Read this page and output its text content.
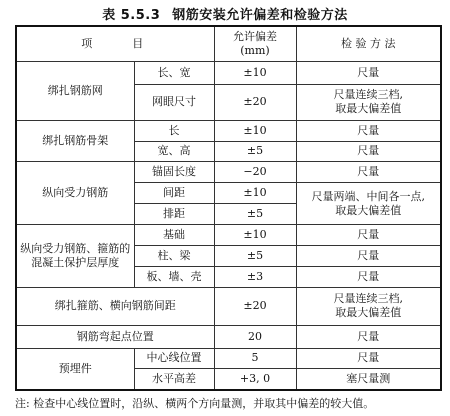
表 5.5.3 钢筋安装允许偏差和检验方法
项　　目		允许偏差
(mm)	检 验 方 法
绑扎钢筋网	长、宽	±10	尺量
	网眼尺寸	±20	尺量连续三档,
取最大偏差值

绑扎钢筋骨架	长	±10	尺量
	宽、高	±5	尺量
纵向受力钢筋	锚固长度	−20	尺量
	间距	±10	尺量两端、中间各一点,
取最大偏差值

	排距	±5	

纵向受力钢筋、箍筋的
混凝土保护层厚度	基础	±10	尺量
	柱、梁	±5	尺量
	板、墙、壳	±3	尺量
绑扎箍筋、横向钢筋间距		±20	尺量连续三档,
取最大偏差值

钢筋弯起点位置		20	尺量
预埋件	中心线位置	5	尺量
	水平高差	+3, 0	塞尺量测
注: 检查中心线位置时，沿纵、横两个方向量测，并取其中偏差的较大值。
